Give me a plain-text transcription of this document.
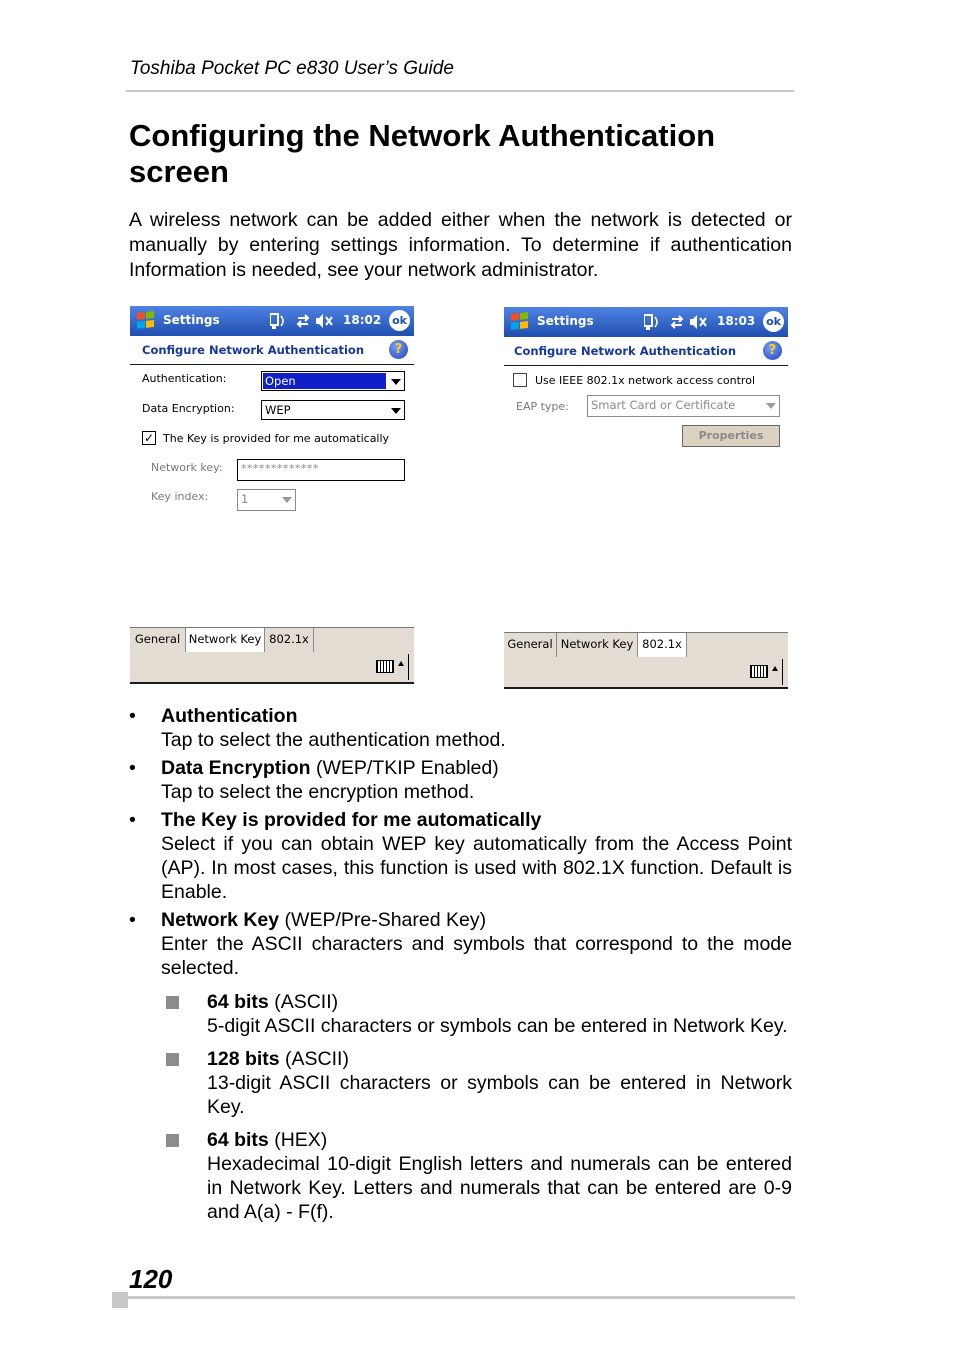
Toshiba Pocket PC e830 User’s Guide
Configuring the Network Authentication screen
A wireless network can be added either when the network is detected or manually by entering settings information. To determine if authentication Information is needed, see your network administrator.
Settings	18:02 ok
Configure Network Authentication	?
Authentication:	Open
Data Encryption:	WEP
✓ The Key is provided for me automatically
Network key: *************
Key index:	1
General Network Key 802.1x
Settings	18:03 ok
Configure Network Authentication	?
Use IEEE 802.1x network access control
EAP type: Smart Card or Certificate
Properties
General Network Key 802.1x
• Authentication
Tap to select the authentication method.
• Data Encryption (WEP/TKIP Enabled)
Tap to select the encryption method.
• The Key is provided for me automatically
Select if you can obtain WEP key automatically from the Access Point (AP). In most cases, this function is used with 802.1X function. Default is Enable.
• Network Key (WEP/Pre-Shared Key)
Enter the ASCII characters and symbols that correspond to the mode selected.
64 bits (ASCII)
5-digit ASCII characters or symbols can be entered in Network Key.
128 bits (ASCII)
13-digit ASCII characters or symbols can be entered in Network Key.
64 bits (HEX)
Hexadecimal 10-digit English letters and numerals can be entered in Network Key. Letters and numerals that can be entered are 0-9 and A(a) - F(f).
120
